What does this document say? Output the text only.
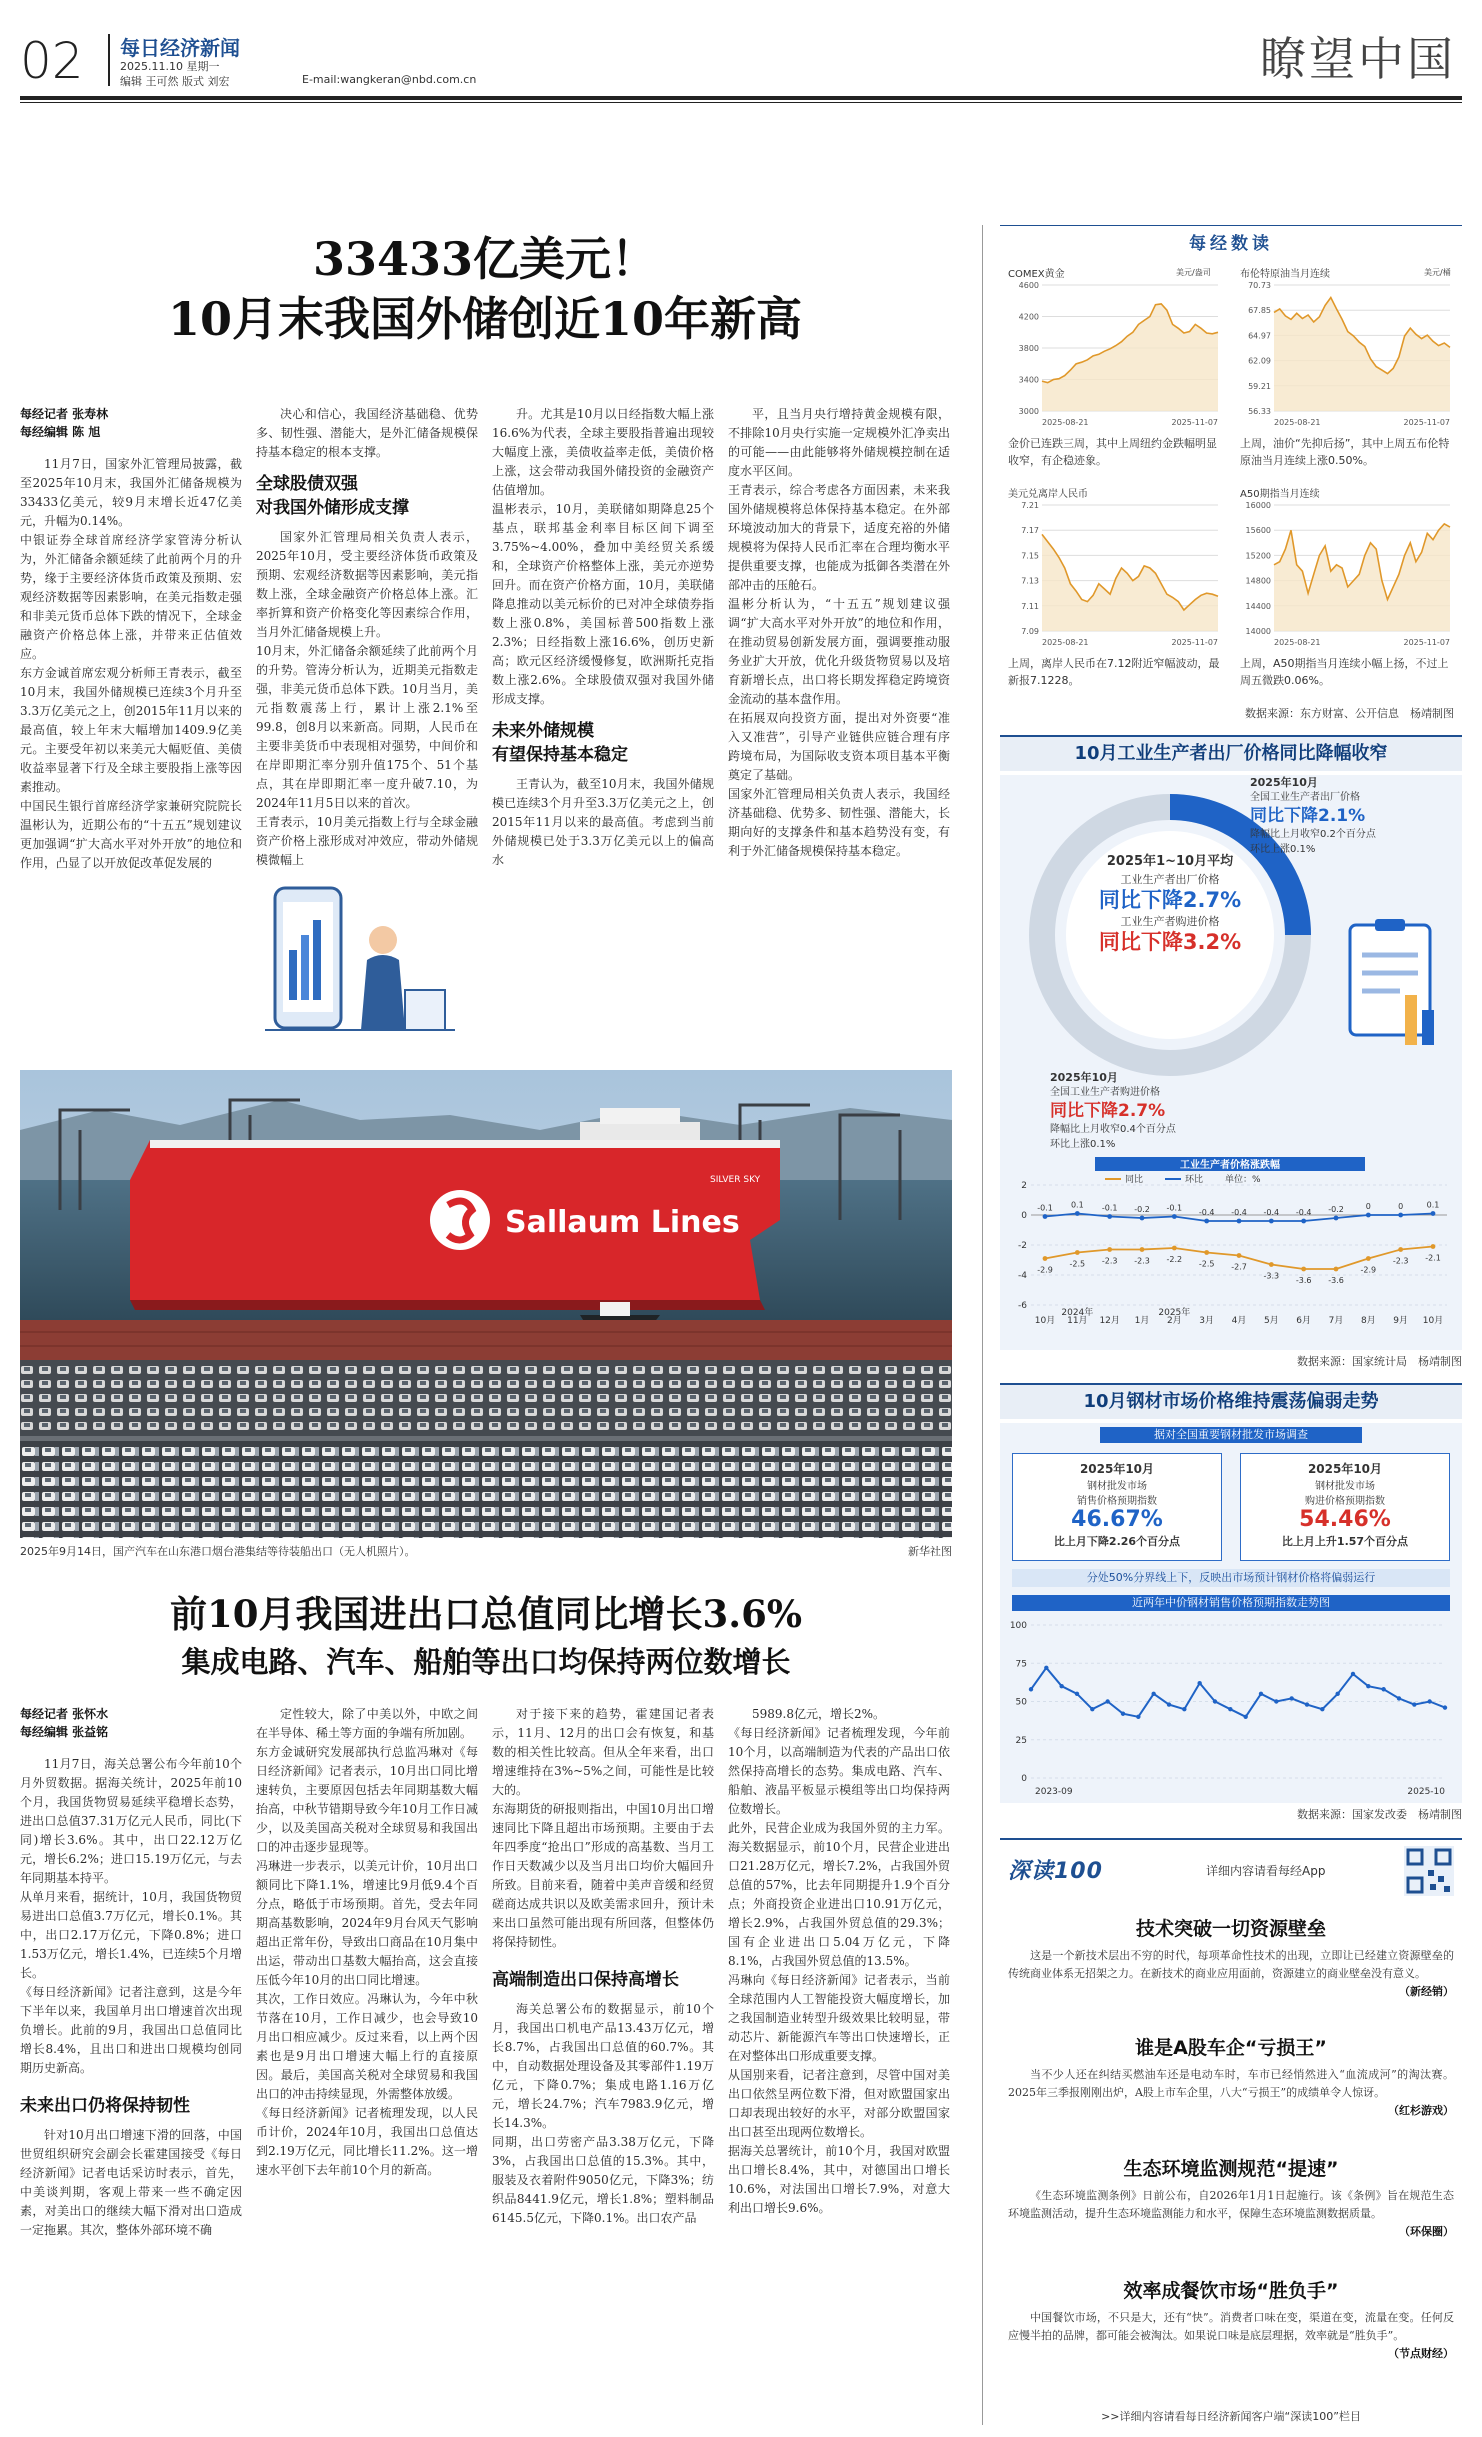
02 每日经济新闻
2025.11.10 星期一
编辑 王可然 版式 刘宏	E-mail:wangkeran@nbd.com.cn	瞭望中国
33433亿美元！
10月末我国外储创近10年新高
每经记者 张寿林
每经编辑 陈 旭

11月7日，国家外汇管理局披露，截至2025年10月末，我国外汇储备规模为33433亿美元，较9月末增长近47亿美元，升幅为0.14%。
中银证券全球首席经济学家管涛分析认为，外汇储备余额延续了此前两个月的升势，缘于主要经济体货币政策及预期、宏观经济数据等因素影响，在美元指数走强和非美元货币总体下跌的情况下，全球金融资产价格总体上涨，并带来正估值效应。
东方金诚首席宏观分析师王青表示，截至10月末，我国外储规模已连续3个月升至3.3万亿美元之上，创2015年11月以来的最高值，较上年末大幅增加1409.9亿美元。主要受年初以来美元大幅贬值、美债收益率显著下行及全球主要股指上涨等因素推动。
中国民生银行首席经济学家兼研究院院长温彬认为，近期公布的“十五五”规划建议更加强调“扩大高水平对外开放”的地位和作用，凸显了以开放促改革促发展的

决心和信心，我国经济基础稳、优势多、韧性强、潜能大，是外汇储备规模保持基本稳定的根本支撑。

全球股债双强
对我国外储形成支撑

国家外汇管理局相关负责人表示，2025年10月，受主要经济体货币政策及预期、宏观经济数据等因素影响，美元指数上涨，全球金融资产价格总体上涨。汇率折算和资产价格变化等因素综合作用，当月外汇储备规模上升。
10月末，外汇储备余额延续了此前两个月的升势。管涛分析认为，近期美元指数走强，非美元货币总体下跌。10月当月，美元指数震荡上行，累计上涨2.1%至99.8，创8月以来新高。同期，人民币在主要非美货币中表现相对强势，中间价和在岸即期汇率分别升值175个、51个基点，其在岸即期汇率一度升破7.10，为2024年11月5日以来的首次。
王青表示，10月美元指数上行与全球金融资产价格上涨形成对冲效应，带动外储规模微幅上

升。尤其是10月以日经指数大幅上涨16.6%为代表，全球主要股指普遍出现较大幅度上涨，美债收益率走低，美债价格上涨，这会带动我国外储投资的金融资产估值增加。
温彬表示，10月，美联储如期降息25个基点，联邦基金利率目标区间下调至3.75%~4.00%，叠加中美经贸关系缓和，全球资产价格整体上涨，美元亦逆势回升。而在资产价格方面，10月，美联储降息推动以美元标价的已对冲全球债券指数上涨0.8%，美国标普500指数上涨2.3%；日经指数上涨16.6%，创历史新高；欧元区经济缓慢修复，欧洲斯托克指数上涨2.6%。全球股债双强对我国外储形成支撑。

未来外储规模
有望保持基本稳定

王青认为，截至10月末，我国外储规模已连续3个月升至3.3万亿美元之上，创2015年11月以来的最高值。考虑到当前外储规模已处于3.3万亿美元以上的偏高水

平，且当月央行增持黄金规模有限，不排除10月央行实施一定规模外汇净卖出的可能——由此能够将外储规模控制在适度水平区间。
王青表示，综合考虑各方面因素，未来我国外储规模将总体保持基本稳定。在外部环境波动加大的背景下，适度充裕的外储规模将为保持人民币汇率在合理均衡水平提供重要支撑，也能成为抵御各类潜在外部冲击的压舱石。
温彬分析认为，“十五五”规划建议强调“扩大高水平对外开放”的地位和作用，在推动贸易创新发展方面，强调要推动服务业扩大开放，优化升级货物贸易以及培育新增长点，出口将长期发挥稳定跨境资金流动的基本盘作用。
在拓展双向投资方面，提出对外资要“准入又准营”，引导产业链供应链合理有序跨境布局，为国际收支资本项目基本平衡奠定了基础。
国家外汇管理局相关负责人表示，我国经济基础稳、优势多、韧性强、潜能大，长期向好的支撑条件和基本趋势没有变，有利于外汇储备规模保持基本稳定。

Sallaum Lines
SILVER SKY
2025年9月14日，国产汽车在山东港口烟台港集结等待装船出口（无人机照片）。	新华社图
前10月我国进出口总值同比增长3.6%
集成电路、汽车、船舶等出口均保持两位数增长
每经记者 张怀水
每经编辑 张益铭

11月7日，海关总署公布今年前10个月外贸数据。据海关统计，2025年前10个月，我国货物贸易延续平稳增长态势，进出口总值37.31万亿元人民币，同比(下同)增长3.6%。其中，出口22.12万亿元，增长6.2%；进口15.19万亿元，与去年同期基本持平。
从单月来看，据统计，10月，我国货物贸易进出口总值3.7万亿元，增长0.1%。其中，出口2.17万亿元，下降0.8%；进口1.53万亿元，增长1.4%，已连续5个月增长。
《每日经济新闻》记者注意到，这是今年下半年以来，我国单月出口增速首次出现负增长。此前的9月，我国出口总值同比增长8.4%，且出口和进出口规模均创同期历史新高。

未来出口仍将保持韧性

针对10月出口增速下滑的回落，中国世贸组织研究会副会长霍建国接受《每日经济新闻》记者电话采访时表示，首先，中美谈判期，客观上带来一些不确定因素，对美出口的继续大幅下滑对出口造成一定拖累。其次，整体外部环境不确

定性较大，除了中美以外，中欧之间在半导体、稀土等方面的争端有所加剧。
东方金诚研究发展部执行总监冯琳对《每日经济新闻》记者表示，10月出口同比增速转负，主要原因包括去年同期基数大幅抬高，中秋节错期导致今年10月工作日减少，以及美国高关税对全球贸易和我国出口的冲击逐步显现等。
冯琳进一步表示，以美元计价，10月出口额同比下降1.1%，增速比9月低9.4个百分点，略低于市场预期。首先，受去年同期高基数影响，2024年9月台风天气影响超出正常年份，导致出口商品在10月集中出运，带动出口基数大幅抬高，这会直接压低今年10月的出口同比增速。
其次，工作日效应。冯琳认为，今年中秋节落在10月，工作日减少，也会导致10月出口相应减少。反过来看，以上两个因素也是9月出口增速大幅上行的直接原因。最后，美国高关税对全球贸易和我国出口的冲击持续显现，外需整体放缓。
《每日经济新闻》记者梳理发现，以人民币计价，2024年10月，我国出口总值达到2.19万亿元，同比增长11.2%。这一增速水平创下去年前10个月的新高。

对于接下来的趋势，霍建国记者表示，11月、12月的出口会有恢复，和基数的相关性比较高。但从全年来看，出口增速维持在3%~5%之间，可能性是比较大的。
东海期货的研报则指出，中国10月出口增速同比下降且超出市场预期。主要由于去年四季度“抢出口”形成的高基数、当月工作日天数减少以及当月出口均价大幅回升所致。目前来看，随着中美声音缓和经贸磋商达成共识以及欧美需求回升，预计未来出口虽然可能出现有所回落，但整体仍将保持韧性。

高端制造出口保持高增长

海关总署公布的数据显示，前10个月，我国出口机电产品13.43万亿元，增长8.7%，占我国出口总值的60.7%。其中，自动数据处理设备及其零部件1.19万亿元，下降0.7%；集成电路1.16万亿元，增长24.7%；汽车7983.9亿元，增长14.3%。
同期，出口劳密产品3.38万亿元，下降3%，占我国出口总值的15.3%。其中，服装及衣着附件9050亿元，下降3%；纺织品8441.9亿元，增长1.8%；塑料制品6145.5亿元，下降0.1%。出口农产品

5989.8亿元，增长2%。
《每日经济新闻》记者梳理发现，今年前10个月，以高端制造为代表的产品出口依然保持高增长的态势。集成电路、汽车、船舶、液晶平板显示模组等出口均保持两位数增长。
此外，民营企业成为我国外贸的主力军。海关数据显示，前10个月，民营企业进出口21.28万亿元，增长7.2%，占我国外贸总值的57%，比去年同期提升1.9个百分点；外商投资企业进出口10.91万亿元，增长2.9%，占我国外贸总值的29.3%；国有企业进出口5.04万亿元，下降8.1%，占我国外贸总值的13.5%。
冯琳向《每日经济新闻》记者表示，当前全球范围内人工智能投资大幅度增长，加之我国制造业转型升级效果比较明显，带动芯片、新能源汽车等出口快速增长，正在对整体出口形成重要支撑。
从国别来看，记者注意到，尽管中国对美出口依然呈两位数下滑，但对欧盟国家出口却表现出较好的水平，对部分欧盟国家出口甚至出现两位数增长。
据海关总署统计，前10个月，我国对欧盟出口增长8.4%，其中，对德国出口增长10.6%，对法国出口增长7.9%，对意大利出口增长9.6%。

每经数读
COMEX黄金	美元/盎司
4600
4200
3800
3400
3000
2025-08-21	2025-11-07
金价已连跌三周，其中上周纽约金跌幅明显收窄，有企稳迹象。
布伦特原油当月连续	美元/桶
70.73
67.85
64.97
62.09
59.21
56.33
2025-08-21	2025-11-07
上周，油价“先抑后扬”，其中上周五布伦特原油当月连续上涨0.50%。
美元兑离岸人民币
7.21
7.17
7.15
7.13
7.11
7.09
2025-08-21	2025-11-07
上周，离岸人民币在7.12附近窄幅波动，最新报7.1228。
A50期指当月连续
16000
15600
15200
14800
14400
14000
2025-08-21	2025-11-07
上周，A50期指当月连续小幅上扬，不过上周五微跌0.06%。
数据来源：东方财富、公开信息　杨靖制图
10月工业生产者出厂价格同比降幅收窄
2025年1~10月平均
工业生产者出厂价格
同比下降2.7%
工业生产者购进价格
同比下降3.2%
2025年10月
全国工业生产者出厂价格
同比下降2.1%
降幅比上月收窄0.2个百分点
环比上涨0.1%
2025年10月
全国工业生产者购进价格
同比下降2.7%
降幅比上月收窄0.4个百分点
环比上涨0.1%
工业生产者价格涨跌幅
同比	环比 单位：%
2
0
-2
-4
-6
10月 11月 12月 1月 2月 3月 4月 5月 6月 7月 8月 9月 10月
2024年	2025年
-2.9
-2.5 -2.3 -2.3 -2.2 -2.5 -2.7
-3.3 -3.6 -3.6
-2.9
-2.3 -2.1
-0.1 0.1 -0.1 -0.2 -0.1 -0.4 -0.4 -0.4 -0.4 -0.2	0	0	0.1
数据来源：国家统计局　杨靖制图
10月钢材市场价格维持震荡偏弱走势
据对全国重要钢材批发市场调查
2025年10月
钢材批发市场
销售价格预期指数
46.67%
比上月下降2.26个百分点
2025年10月
钢材批发市场
购进价格预期指数
54.46%
比上月上升1.57个百分点
分处50%分界线上下，反映出市场预计钢材价格将偏弱运行
近两年中价钢材销售价格预期指数走势图
100
75
50
25
0
2023-09	2025-10
数据来源：国家发改委　杨靖制图
深读100	详细内容请看每经App
技术突破一切资源壁垒
这是一个新技术层出不穷的时代，每项革命性技术的出现，立即让已经建立资源壁垒的传统商业体系无招架之力。在新技术的商业应用面前，资源建立的商业壁垒没有意义。
（新经销）
谁是A股车企“亏损王”
当不少人还在纠结买燃油车还是电动车时，车市已经悄然进入“血流成河”的淘汰赛。2025年三季报刚刚出炉，A股上市车企里，八大“亏损王”的成绩单令人惊讶。
（红杉游戏）
生态环境监测规范“提速”
《生态环境监测条例》日前公布，自2026年1月1日起施行。该《条例》旨在规范生态环境监测活动，提升生态环境监测能力和水平，保障生态环境监测数据质量。
（环保圈）
效率成餐饮市场“胜负手”
中国餐饮市场，不只是大，还有“快”。消费者口味在变，渠道在变，流量在变。任何反应慢半拍的品牌，都可能会被淘汰。如果说口味是底层理据，效率就是“胜负手”。
（节点财经）
>>详细内容请看每日经济新闻客户端“深读100”栏目
